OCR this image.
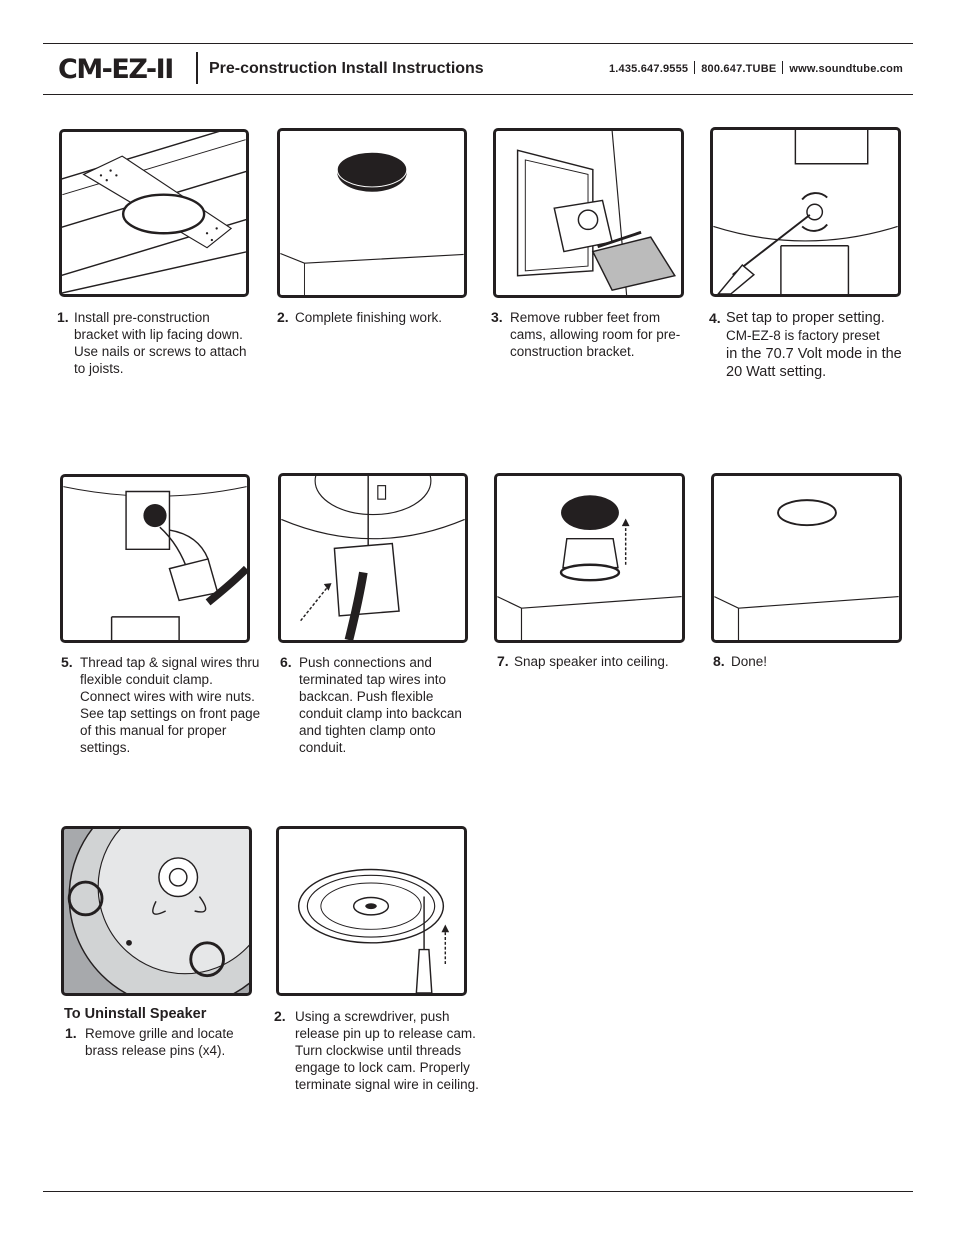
CM-EZ-II Pre-construction Install Instructions	1.435.647.9555 800.647.TUBE www.soundtube.com
1. Install pre-construction bracket with lip facing down. Use nails or screws to attach to joists.
2. Complete finishing work.	3. Remove rubber feet from cams, allowing room for pre-construction bracket.
4. Set tap to proper setting.
CM-EZ-8 is factory preset
in the 70.7 Volt mode in the 20 Watt setting.
5. Thread tap & signal wires thru flexible conduit clamp. Connect wires with wire nuts. See tap settings on front page of this manual for proper settings.
6. Push connections and terminated tap wires into backcan. Push flexible conduit clamp into backcan and tighten clamp onto conduit.
7. Snap speaker into ceiling.	8. Done!
To Uninstall Speaker
1. Remove grille and locate brass release pins (x4).
2. Using a screwdriver, push release pin up to release cam. Turn clockwise until threads engage to lock cam. Properly terminate signal wire in ceiling.
